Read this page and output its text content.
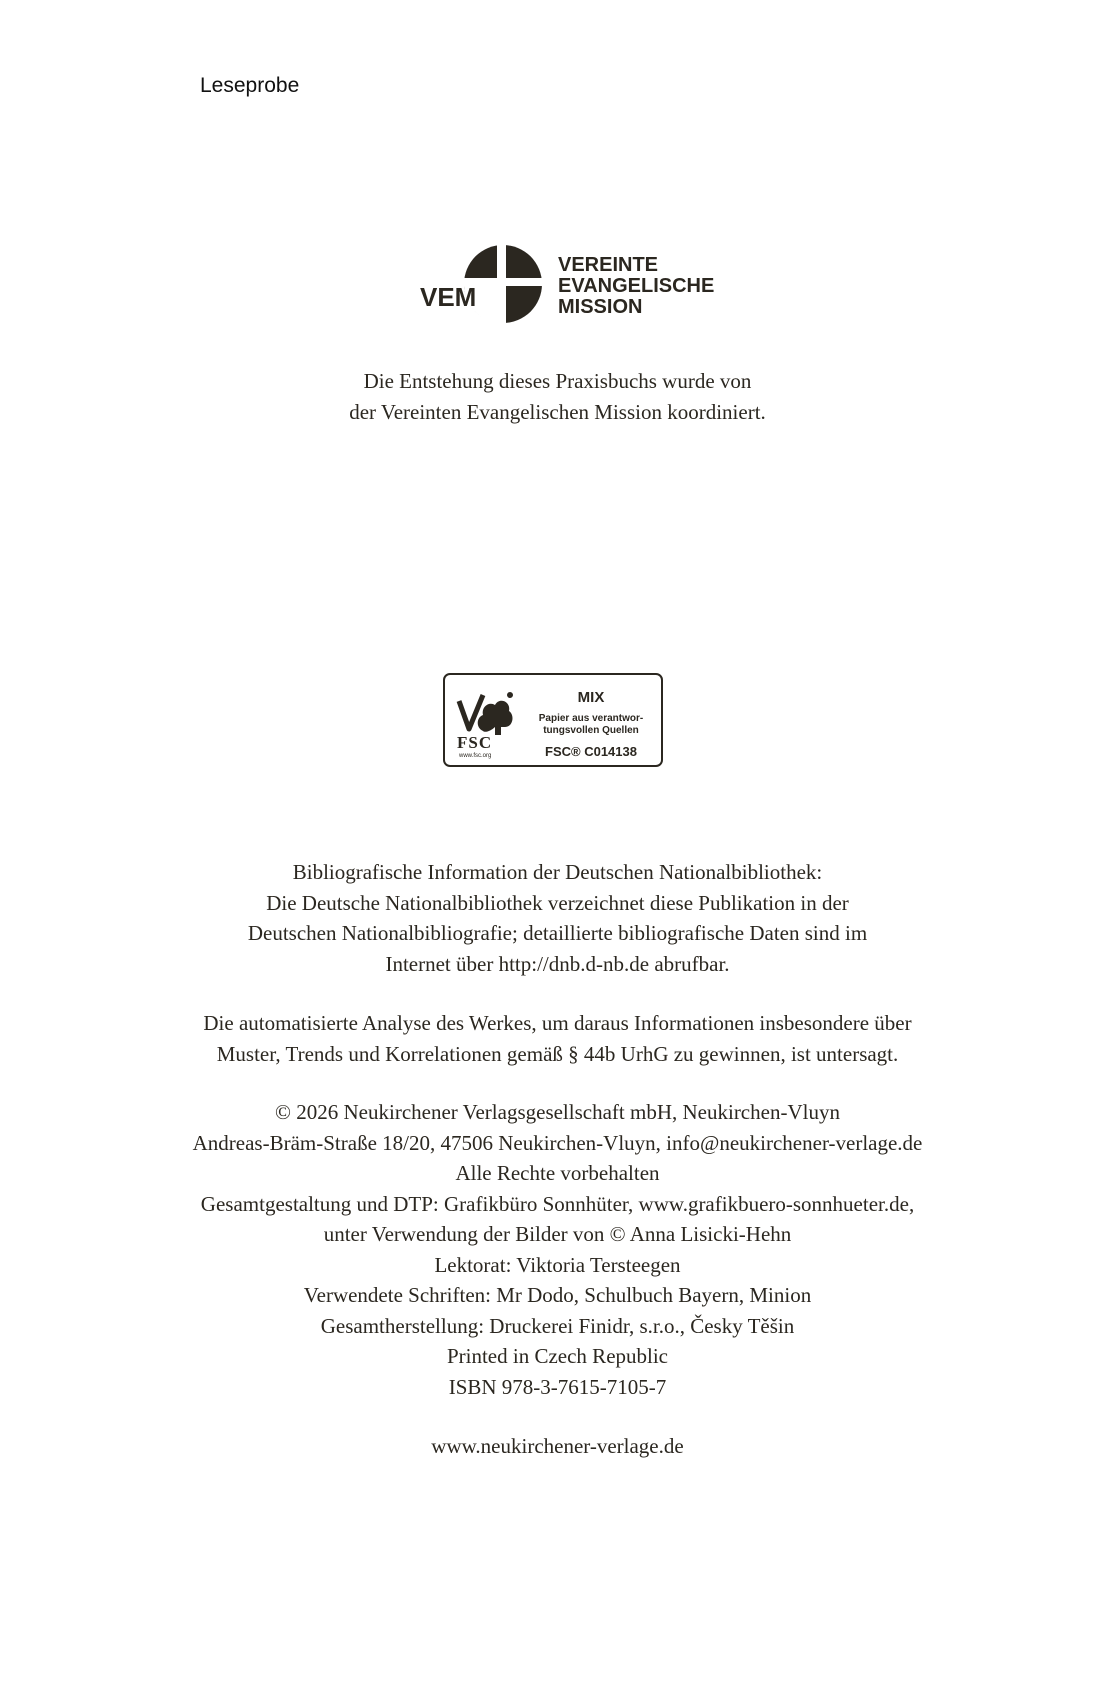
Leseprobe

VEM
VEREINTE
EVANGELISCHE
MISSION
Die Entstehung dieses Praxisbuchs wurde von
der Vereinten Evangelischen Mission koordiniert.
FSC
www.fsc.org
MIX
Papier aus verantwor-
tungsvollen Quellen
FSC® C014138
Bibliografische Information der Deutschen Nationalbibliothek:
Die Deutsche Nationalbibliothek verzeichnet diese Publikation in der
Deutschen Nationalbibliografie; detaillierte bibliografische Daten sind im
Internet über http://dnb.d-nb.de abrufbar.
Die automatisierte Analyse des Werkes, um daraus Informationen insbesondere über
Muster, Trends und Korrelationen gemäß § 44b UrhG zu gewinnen, ist untersagt.
© 2026 Neukirchener Verlagsgesellschaft mbH, Neukirchen-Vluyn
Andreas-Bräm-Straße 18/20, 47506 Neukirchen-Vluyn, info@neukirchener-verlage.de
Alle Rechte vorbehalten
Gesamtgestaltung und DTP: Grafikbüro Sonnhüter, www.grafikbuero-sonnhueter.de,
unter Verwendung der Bilder von © Anna Lisicki-Hehn
Lektorat: Viktoria Tersteegen
Verwendete Schriften: Mr Dodo, Schulbuch Bayern, Minion
Gesamtherstellung: Druckerei Finidr, s.r.o., Česky Těšin
Printed in Czech Republic
ISBN 978-3-7615-7105-7
www.neukirchener-verlage.de
